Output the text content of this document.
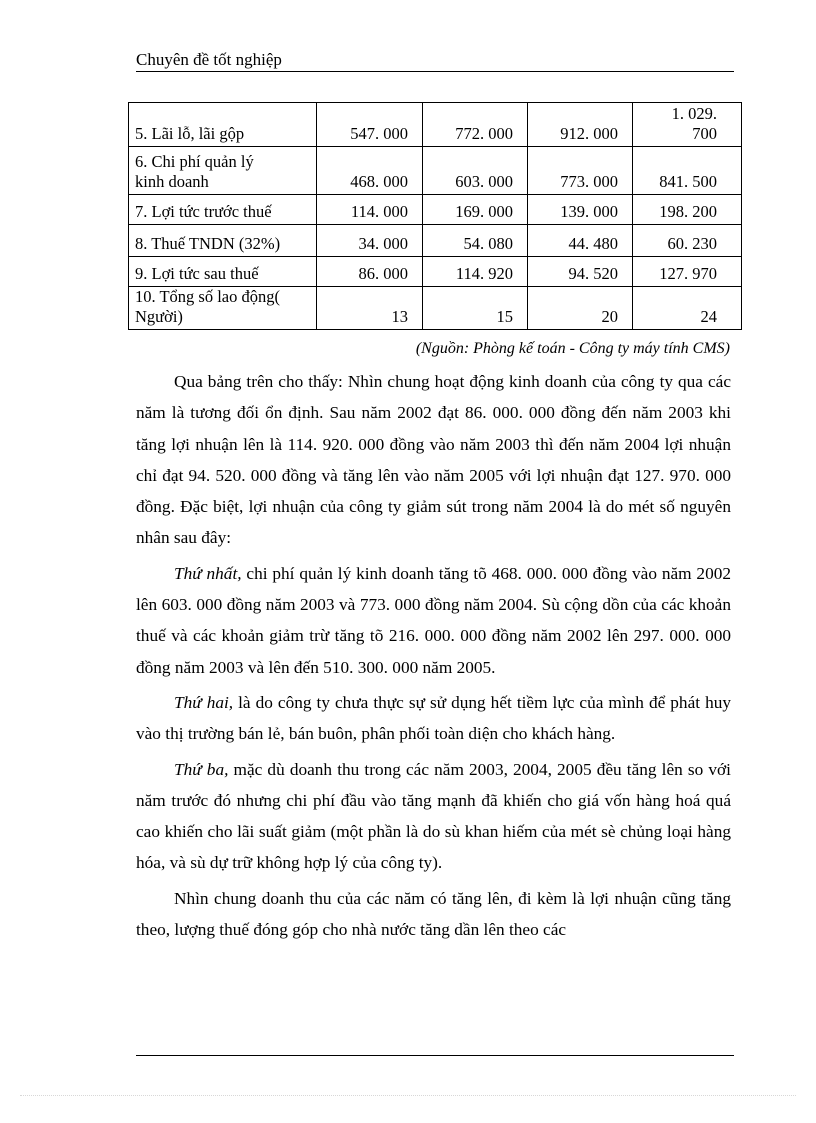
Chuyên đề tốt nghiệp
5. Lãi lỗ, lãi gộp	547. 000	772. 000	912. 000	1. 029.
700

6. Chi phí quản lý
kinh doanh	468. 000	603. 000	773. 000	841. 500
7. Lợi tức trước thuế	114. 000	169. 000	139. 000	198. 200
8. Thuế TNDN (32%)	34. 000	54. 080	44. 480	60. 230
9. Lợi tức sau thuế	86. 000	114. 920	94. 520	127. 970

10. Tổng số lao động(
Người)	13	15	20	24
(Nguồn: Phòng kế toán - Công ty máy tính CMS)

Qua bảng trên cho thấy: Nhìn chung hoạt động kinh doanh của công ty qua các năm là tương đối ổn định. Sau năm 2002 đạt 86. 000. 000 đồng đến năm 2003 khi tăng lợi nhuận lên là 114. 920. 000 đồng vào năm 2003 thì đến năm 2004 lợi nhuận chỉ đạt 94. 520. 000 đồng và tăng lên vào năm 2005 với lợi nhuận đạt 127. 970. 000 đồng. Đặc biệt, lợi nhuận của công ty giảm sút trong năm 2004 là do mét số nguyên nhân sau đây:

Thứ nhất, chi phí quản lý kinh doanh tăng tõ 468. 000. 000 đồng vào năm 2002 lên 603. 000 đồng năm 2003 và 773. 000 đồng năm 2004. Sù cộng dồn của các khoản thuế và các khoản giảm trừ tăng tõ 216. 000. 000 đồng năm 2002 lên 297. 000. 000 đồng năm 2003 và lên đến 510. 300. 000 năm 2005.

Thứ hai, là do công ty chưa thực sự sử dụng hết tiềm lực của mình để phát huy vào thị trường bán lẻ, bán buôn, phân phối toàn diện cho khách hàng.

Thứ ba, mặc dù doanh thu trong các năm 2003, 2004, 2005 đều tăng lên so với năm trước đó nhưng chi phí đầu vào tăng mạnh đã khiến cho giá vốn hàng hoá quá cao khiến cho lãi suất giảm (một phần là do sù khan hiếm của mét sè chủng loại hàng hóa, và sù dự trữ không hợp lý của công ty).

Nhìn chung doanh thu của các năm có tăng lên, đi kèm là lợi nhuận cũng tăng theo, lượng thuế đóng góp cho nhà nước tăng dần lên theo các
